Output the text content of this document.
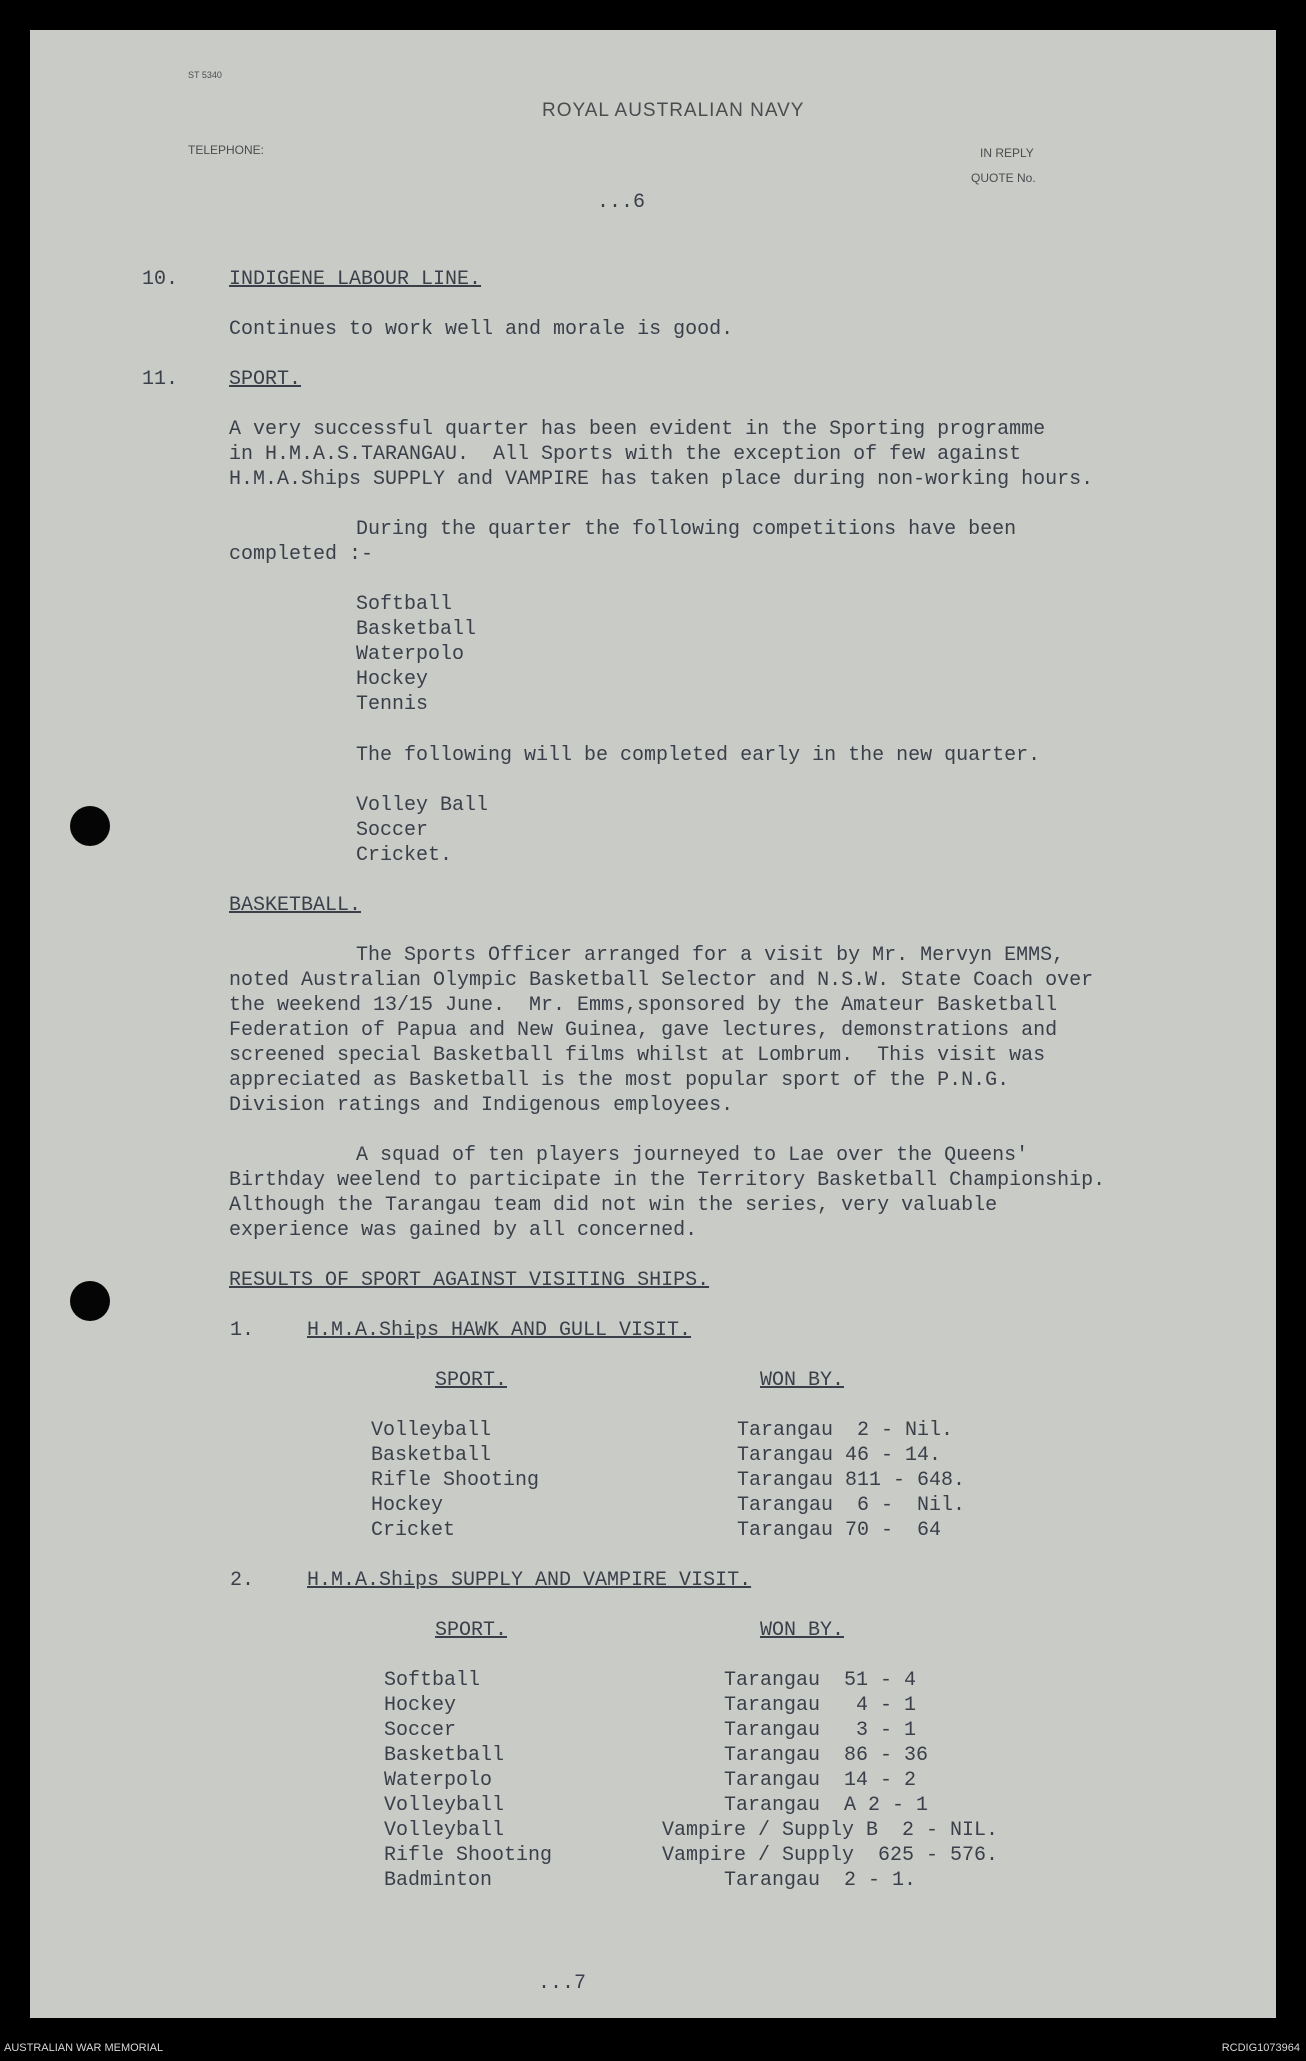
ST 5340
ROYAL AUSTRALIAN NAVY
TELEPHONE:	IN REPLY
QUOTE No.
...6
10.	INDIGENE LABOUR LINE.
Continues to work well and morale is good.
11.	SPORT.
A very successful quarter has been evident in the Sporting programme
in H.M.A.S.TARANGAU.  All Sports with the exception of few against
H.M.A.Ships SUPPLY and VAMPIRE has taken place during non-working hours.
During the quarter the following competitions have been
completed :-
Softball
Basketball
Waterpolo
Hockey
Tennis
The following will be completed early in the new quarter.
Volley Ball
Soccer
Cricket.
BASKETBALL.
The Sports Officer arranged for a visit by Mr. Mervyn EMMS,
noted Australian Olympic Basketball Selector and N.S.W. State Coach over
the weekend 13/15 June.  Mr. Emms,sponsored by the Amateur Basketball
Federation of Papua and New Guinea, gave lectures, demonstrations and
screened special Basketball films whilst at Lombrum.  This visit was
appreciated as Basketball is the most popular sport of the P.N.G.
Division ratings and Indigenous employees.
A squad of ten players journeyed to Lae over the Queens'
Birthday weelend to participate in the Territory Basketball Championship.
Although the Tarangau team did not win the series, very valuable
experience was gained by all concerned.
RESULTS OF SPORT AGAINST VISITING SHIPS.
1.	H.M.A.Ships HAWK AND GULL VISIT.
SPORT.	WON BY.
Volleyball	Tarangau  2 - Nil.
Basketball	Tarangau 46 - 14.
Rifle Shooting	Tarangau 811 - 648.
Hockey	Tarangau  6 -  Nil.
Cricket	Tarangau 70 -  64
2.	H.M.A.Ships SUPPLY AND VAMPIRE VISIT.
SPORT.	WON BY.
Softball	Tarangau  51 - 4
Hockey	Tarangau   4 - 1
Soccer	Tarangau   3 - 1
Basketball	Tarangau  86 - 36
Waterpolo	Tarangau  14 - 2
Volleyball	Tarangau  A 2 - 1
Volleyball	Vampire / Supply B  2 - NIL.
Rifle Shooting	Vampire / Supply  625 - 576.
Badminton	Tarangau  2 - 1.
...7
AUSTRALIAN WAR MEMORIAL	RCDIG1073964
